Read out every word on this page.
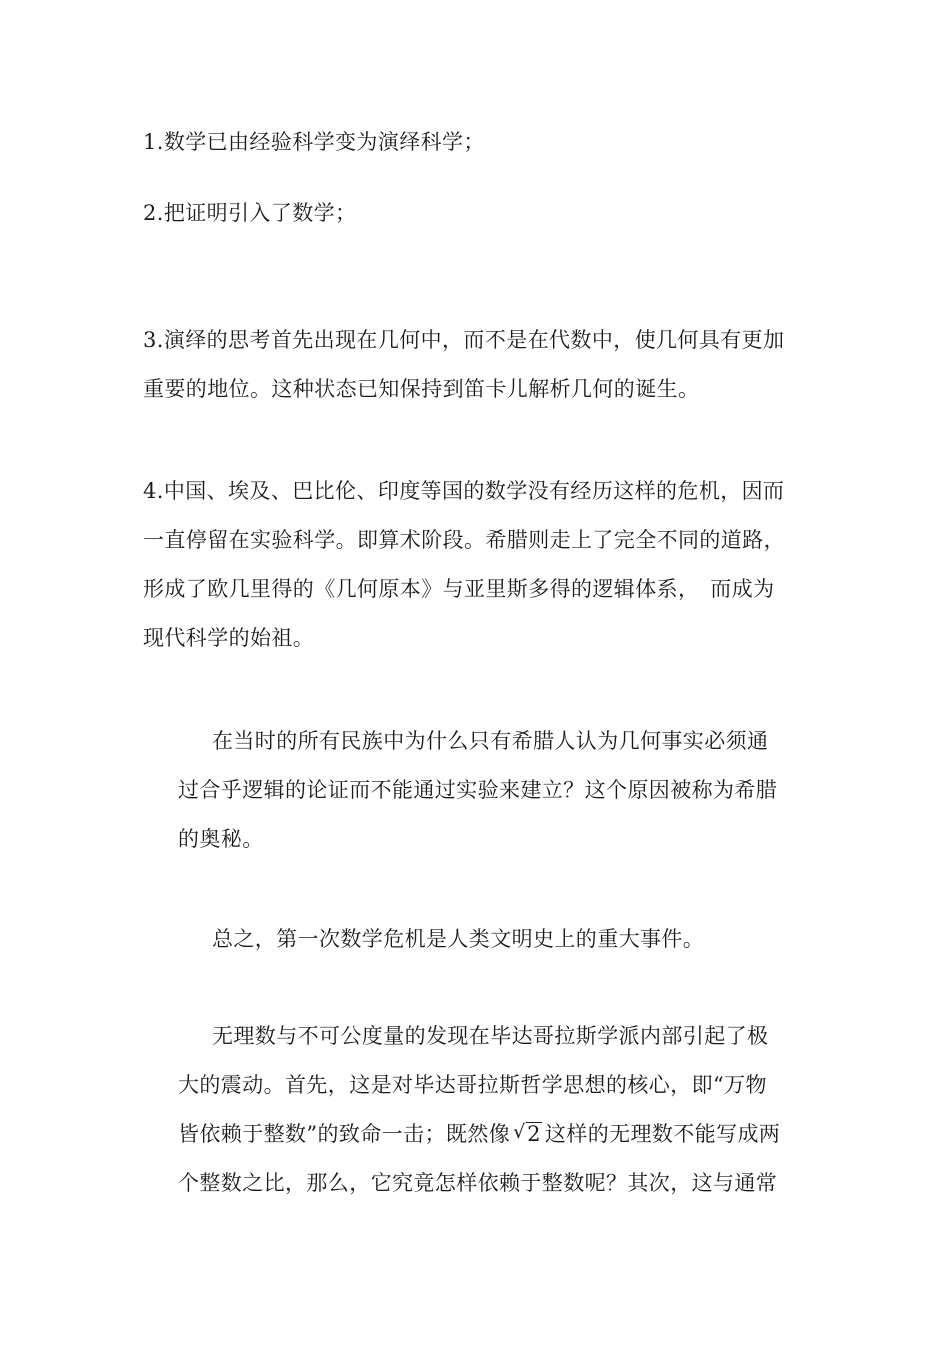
1.数学已由经验科学变为演绎科学；
2.把证明引入了数学；
3.演绎的思考首先出现在几何中，而不是在代数中，使几何具有更加
重要的地位。这种状态已知保持到笛卡儿解析几何的诞生。
4.中国、埃及、巴比伦、印度等国的数学没有经历这样的危机，因而
一直停留在实验科学。即算术阶段。希腊则走上了完全不同的道路，
形成了欧几里得的《几何原本》与亚里斯多得的逻辑体系，　而成为
现代科学的始祖。
在当时的所有民族中为什么只有希腊人认为几何事实必须通
过合乎逻辑的论证而不能通过实验来建立？这个原因被称为希腊
的奥秘。
总之，第一次数学危机是人类文明史上的重大事件。
无理数与不可公度量的发现在毕达哥拉斯学派内部引起了极
大的震动。首先，这是对毕达哥拉斯哲学思想的核心，即“万物
皆依赖于整数”的致命一击；既然像 √ 2 这样的无理数不能写成两
个整数之比，那么，它究竟怎样依赖于整数呢？其次，这与通常
